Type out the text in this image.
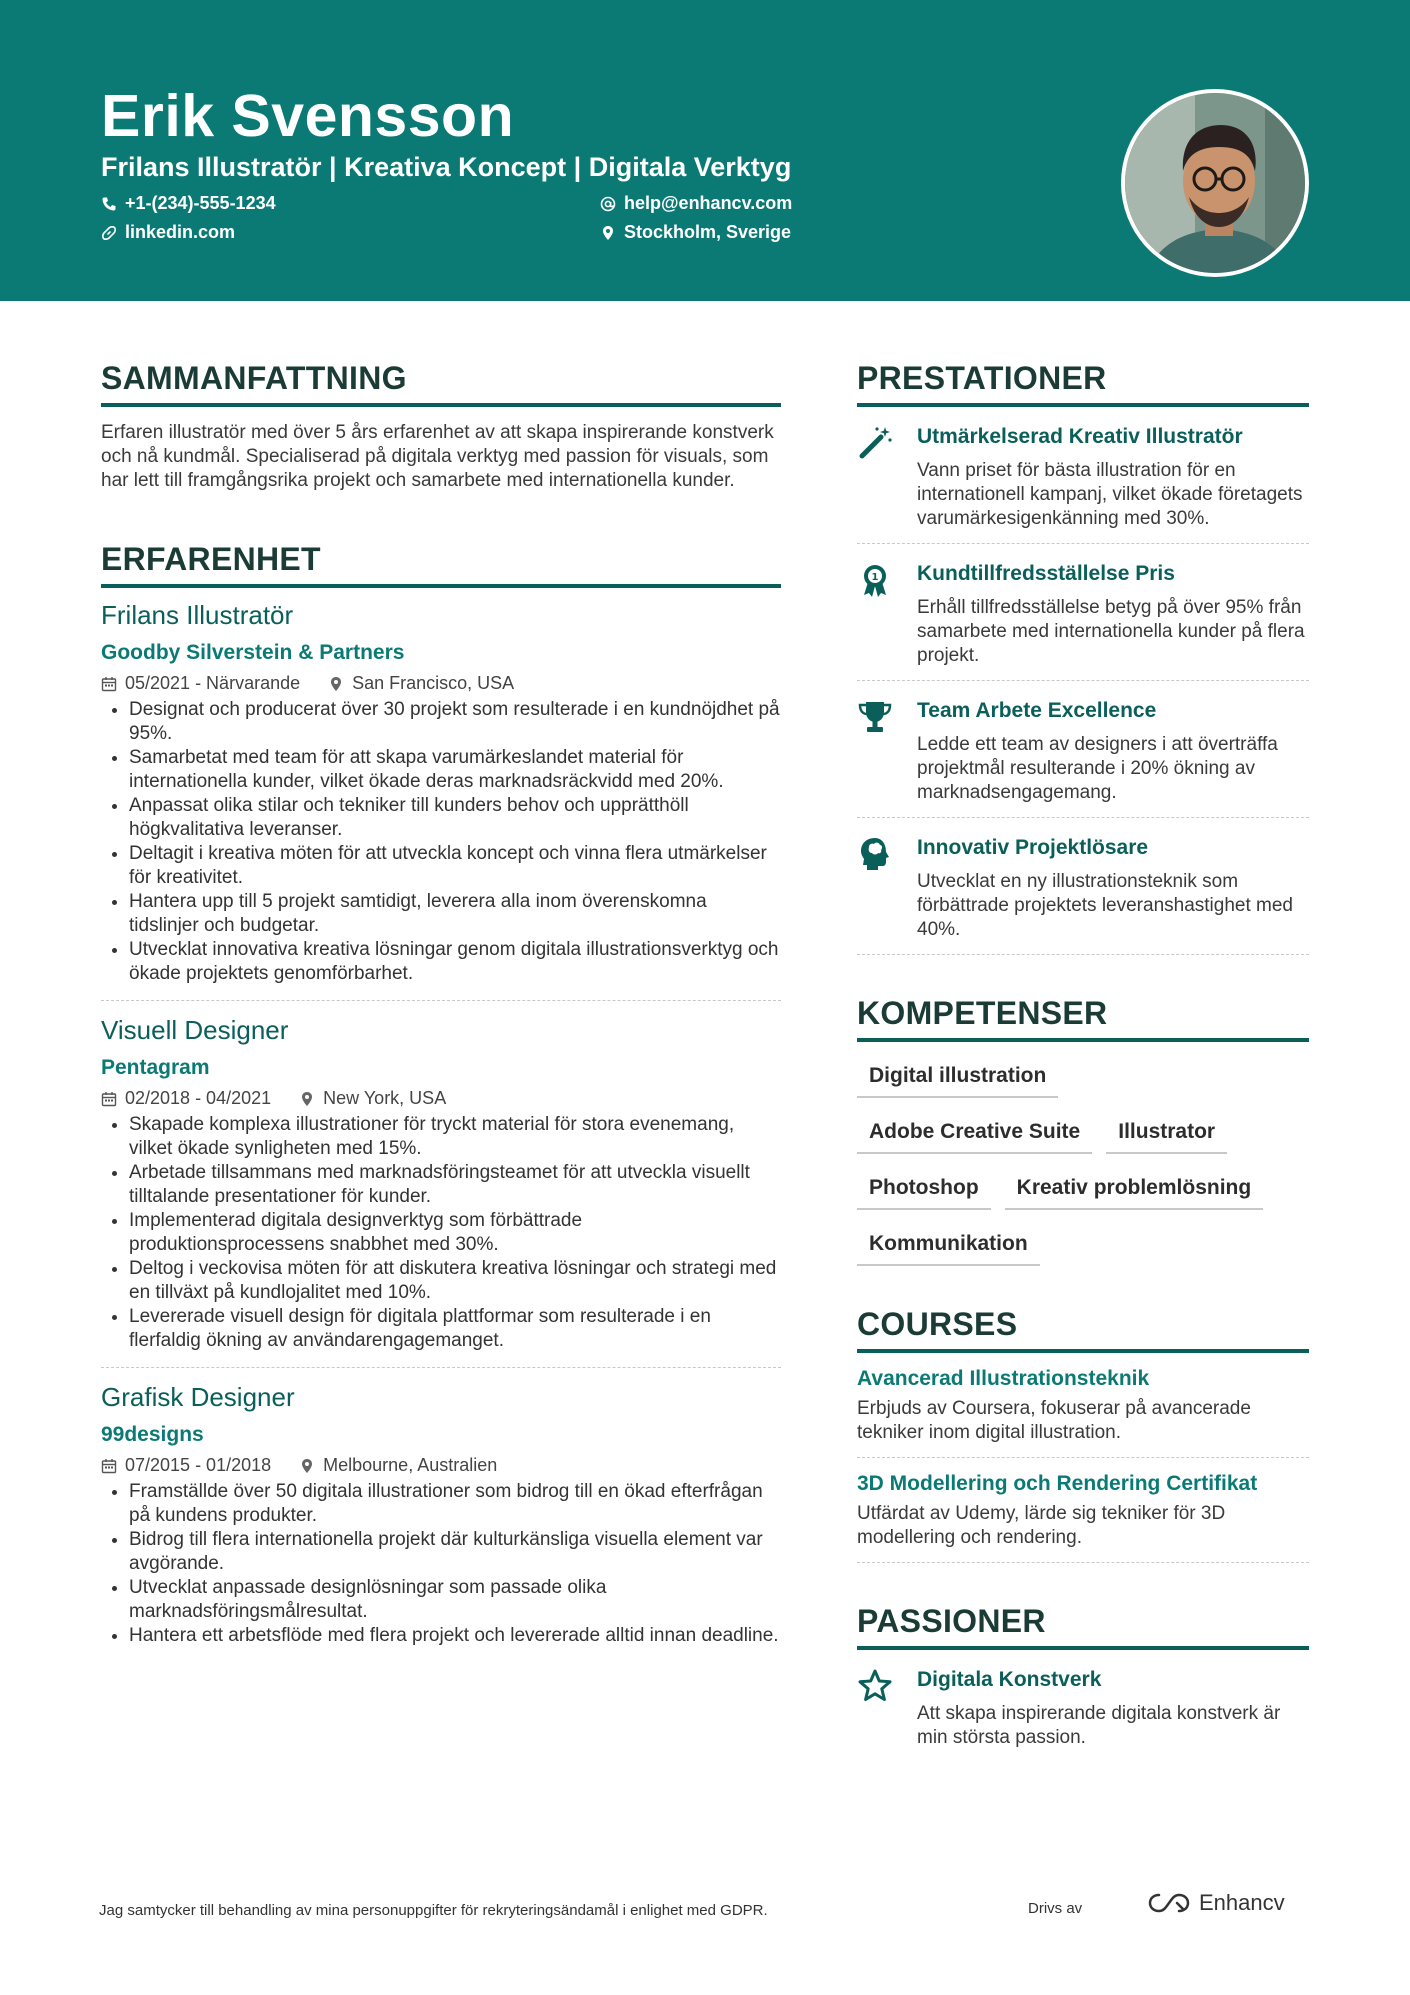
Erik Svensson
Frilans Illustratör | Kreativa Koncept | Digitala Verktyg
+1-(234)-555-1234	help@enhancv.com
linkedin.com	Stockholm, Sverige
SAMMANFATTNING
Erfaren illustratör med över 5 års erfarenhet av att skapa inspirerande konstverk och nå kundmål. Specialiserad på digitala verktyg med passion för visuals, som har lett till framgångsrika projekt och samarbete med internationella kunder.
ERFARENHET
Frilans Illustratör
Goodby Silverstein & Partners
05/2021 - Närvarande	San Francisco, USA
• Designat och producerat över 30 projekt som resulterade i en kundnöjdhet på 95%.
• Samarbetat med team för att skapa varumärkeslandet material för internationella kunder, vilket ökade deras marknadsräckvidd med 20%.
• Anpassat olika stilar och tekniker till kunders behov och upprätthöll högkvalitativa leveranser.
• Deltagit i kreativa möten för att utveckla koncept och vinna flera utmärkelser för kreativitet.
• Hantera upp till 5 projekt samtidigt, leverera alla inom överenskomna tidslinjer och budgetar.
• Utvecklat innovativa kreativa lösningar genom digitala illustrationsverktyg och ökade projektets genomförbarhet.
Visuell Designer
Pentagram
02/2018 - 04/2021	New York, USA
• Skapade komplexa illustrationer för tryckt material för stora evenemang, vilket ökade synligheten med 15%.
• Arbetade tillsammans med marknadsföringsteamet för att utveckla visuellt tilltalande presentationer för kunder.
• Implementerad digitala designverktyg som förbättrade produktionsprocessens snabbhet med 30%.
• Deltog i veckovisa möten för att diskutera kreativa lösningar och strategi med en tillväxt på kundlojalitet med 10%.
• Levererade visuell design för digitala plattformar som resulterade i en flerfaldig ökning av användarengagemanget.
Grafisk Designer
99designs
07/2015 - 01/2018	Melbourne, Australien
• Framställde över 50 digitala illustrationer som bidrog till en ökad efterfrågan på kundens produkter.
• Bidrog till flera internationella projekt där kulturkänsliga visuella element var avgörande.
• Utvecklat anpassade designlösningar som passade olika marknadsföringsmålresultat.
• Hantera ett arbetsflöde med flera projekt och levererade alltid innan deadline.
PRESTATIONER
Utmärkelserad Kreativ Illustratör
Vann priset för bästa illustration för en internationell kampanj, vilket ökade företagets varumärkesigenkänning med 30%.
1 Kundtillfredsställelse Pris
Erhåll tillfredsställelse betyg på över 95% från samarbete med internationella kunder på flera projekt.
Team Arbete Excellence
Ledde ett team av designers i att överträffa projektmål resulterande i 20% ökning av marknadsengagemang.
Innovativ Projektlösare
Utvecklat en ny illustrationsteknik som förbättrade projektets leveranshastighet med 40%.
KOMPETENSER
Digital illustration
Adobe Creative Suite	Illustrator
Photoshop	Kreativ problemlösning
Kommunikation
COURSES
Avancerad Illustrationsteknik
Erbjuds av Coursera, fokuserar på avancerade tekniker inom digital illustration.
3D Modellering och Rendering Certifikat
Utfärdat av Udemy, lärde sig tekniker för 3D modellering och rendering.
PASSIONER
Digitala Konstverk
Att skapa inspirerande digitala konstverk är min största passion.
Jag samtycker till behandling av mina personuppgifter för rekryteringsändamål i enlighet med GDPR.	Drivs av	Enhancv
